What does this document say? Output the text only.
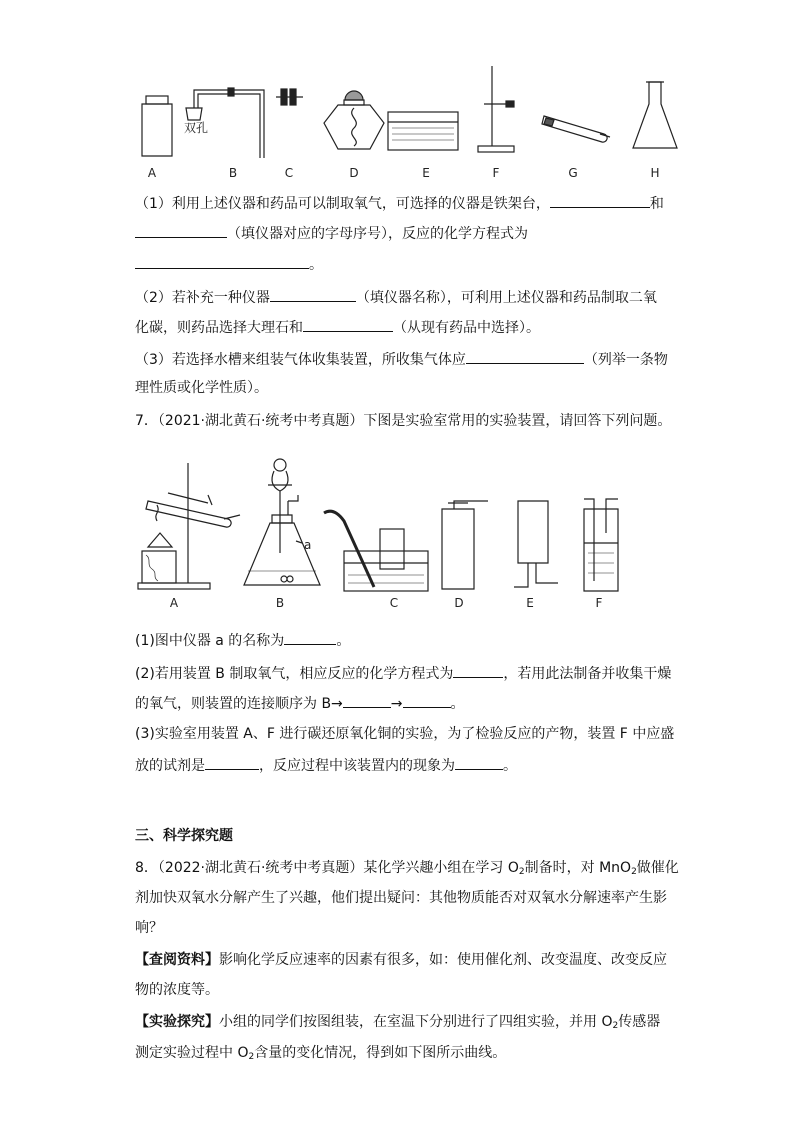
双孔
A	B	C	D	E	F	G	H
（1）利用上述仪器和药品可以制取氧气，可选择的仪器是铁架台，	和
（填仪器对应的字母序号），反应的化学方程式为
。
（2）若补充一种仪器	（填仪器名称），可利用上述仪器和药品制取二氧
化碳，则药品选择大理石和	（从现有药品中选择）。
（3）若选择水槽来组装气体收集装置，所收集气体应	（列举一条物
理性质或化学性质）。
7．（2021·湖北黄石·统考中考真题）下图是实验室常用的实验装置，请回答下列问题。
a
A	B	C	D	E	F
(1)图中仪器 a 的名称为	。
(2)若用装置 B 制取氧气，相应反应的化学方程式为	，若用此法制备并收集干燥
的氧气，则装置的连接顺序为 B→	→	。
(3)实验室用装置 A、F 进行碳还原氧化铜的实验，为了检验反应的产物，装置 F 中应盛
放的试剂是	，反应过程中该装置内的现象为	。
三、科学探究题
8．（2022·湖北黄石·统考中考真题）某化学兴趣小组在学习 $O_2$制备时，对 MnO$_2$做催化
剂加快双氧水分解产生了兴趣，他们提出疑问：其他物质能否对双氧水分解速率产生影
响？
【查阅资料】影响化学反应速率的因素有很多，如：使用催化剂、改变温度、改变反应
物的浓度等。
【实验探究】小组的同学们按图组装，在室温下分别进行了四组实验，并用 $O_2$传感器
测定实验过程中 $O_2$含量的变化情况，得到如下图所示曲线。
